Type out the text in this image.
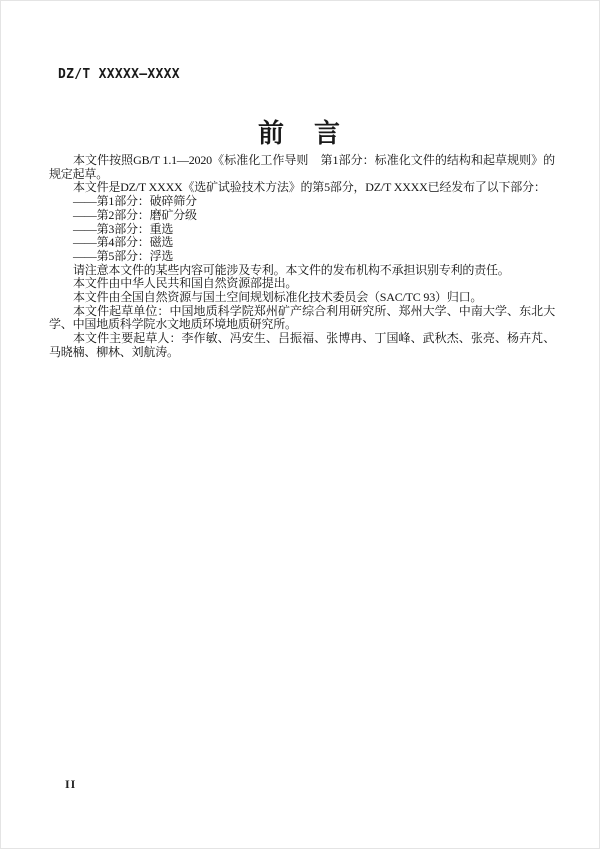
DZ/T XXXXX—XXXX
前　言

本文件按照GB/T 1.1—2020《标准化工作导则　第1部分：标准化文件的结构和起草规则》的规定起草。

本文件是DZ/T XXXX《选矿试验技术方法》的第5部分，DZ/T XXXX已经发布了以下部分：

——第1部分：破碎筛分

——第2部分：磨矿分级

——第3部分：重选

——第4部分：磁选

——第5部分：浮选

请注意本文件的某些内容可能涉及专利。本文件的发布机构不承担识别专利的责任。

本文件由中华人民共和国自然资源部提出。

本文件由全国自然资源与国土空间规划标准化技术委员会（SAC/TC 93）归口。

本文件起草单位：中国地质科学院郑州矿产综合利用研究所、郑州大学、中南大学、东北大学、中国地质科学院水文地质环境地质研究所。

本文件主要起草人：李作敏、冯安生、吕振福、张博冉、丁国峰、武秋杰、张亮、杨卉芃、马晓楠、柳林、刘航涛。

II
